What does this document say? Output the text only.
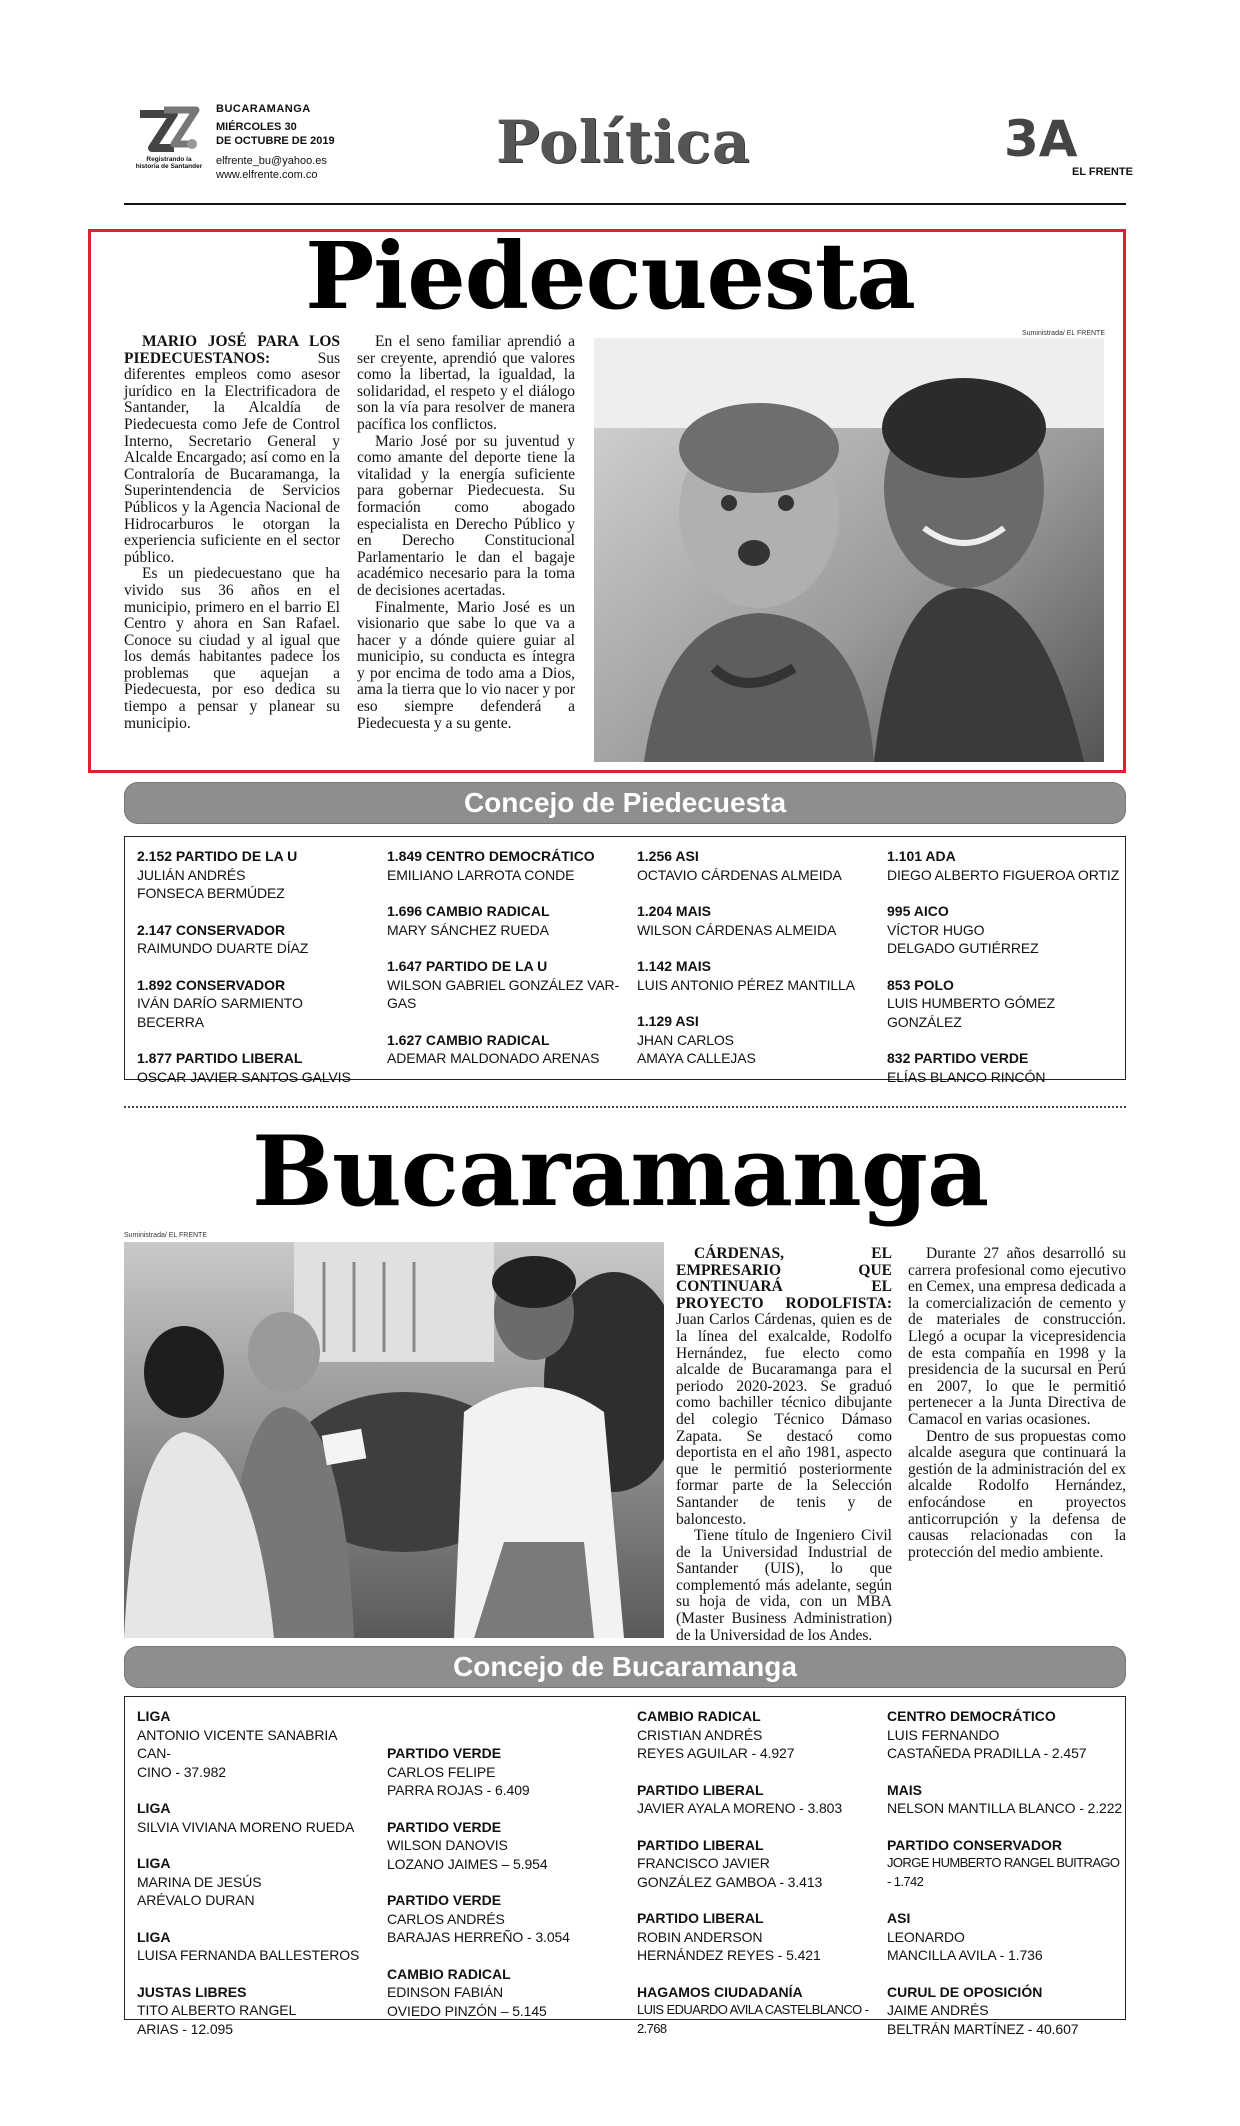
Registrando la historia de Santander
BUCARAMANGA
MIÉRCOLES 30
DE OCTUBRE DE 2019
elfrente_bu@yahoo.es
www.elfrente.com.co	Política	3A
EL FRENTE
Piedecuesta

MARIO JOSÉ PARA LOS PIEDECUESTANOS: Sus diferentes empleos como asesor jurídico en la Electrificadora de Santander, la Alcaldía de Piedecuesta como Jefe de Control Interno, Secretario General y Alcalde Encargado; así como en la Contraloría de Bucaramanga, la Superintendencia de Servicios Públicos y la Agencia Nacional de Hidrocarburos le otorgan la experiencia suficiente en el sector público.

Es un piedecuestano que ha vivido sus 36 años en el municipio, primero en el barrio El Centro y ahora en San Rafael. Conoce su ciudad y al igual que los demás habitantes padece los problemas que aquejan a Piedecuesta, por eso dedica su tiempo a pensar y planear su municipio.

En el seno familiar aprendió a ser creyente, aprendió que valores como la libertad, la igualdad, la solidaridad, el respeto y el diálogo son la vía para resolver de manera pacífica los conflictos.

Mario José por su juventud y como amante del deporte tiene la vitalidad y la energía suficiente para gobernar Piedecuesta. Su formación como abogado especialista en Derecho Público y en Derecho Constitucional Parlamentario le dan el bagaje académico necesario para la toma de decisiones acertadas.

Finalmente, Mario José es un visionario que sabe lo que va a hacer y a dónde quiere guiar al municipio, su conducta es íntegra y por encima de todo ama a Dios, ama la tierra que lo vio nacer y por eso siempre defenderá a Piedecuesta y a su gente.

Suministrada/ EL FRENTE
Concejo de Piedecuesta
2.152 PARTIDO DE LA U
JULIÁN ANDRÉS
FONSECA BERMÚDEZ
2.147 CONSERVADOR
RAIMUNDO DUARTE DÍAZ
1.892 CONSERVADOR
IVÁN DARÍO SARMIENTO BECERRA
1.877 PARTIDO LIBERAL
OSCAR JAVIER SANTOS GALVIS
1.849 CENTRO DEMOCRÁTICO
EMILIANO LARROTA CONDE
1.696 CAMBIO RADICAL
MARY SÁNCHEZ RUEDA
1.647 PARTIDO DE LA U
WILSON GABRIEL GONZÁLEZ VAR-
GAS
1.627 CAMBIO RADICAL
ADEMAR MALDONADO ARENAS
1.256 ASI
OCTAVIO CÁRDENAS ALMEIDA
1.204 MAIS
WILSON CÁRDENAS ALMEIDA
1.142 MAIS
LUIS ANTONIO PÉREZ MANTILLA
1.129 ASI
JHAN CARLOS
AMAYA CALLEJAS
1.101 ADA
DIEGO ALBERTO FIGUEROA ORTIZ
995 AICO
VÍCTOR HUGO
DELGADO GUTIÉRREZ
853 POLO
LUIS HUMBERTO GÓMEZ GONZÁLEZ
832 PARTIDO VERDE
ELÍAS BLANCO RINCÓN
Bucaramanga
Suministrada/ EL FRENTE

CÁRDENAS, EL EMPRESARIO QUE CONTINUARÁ EL PROYECTO RODOLFISTA: Juan Carlos Cárdenas, quien es de la línea del exalcalde, Rodolfo Hernández, fue electo como alcalde de Bucaramanga para el periodo 2020-2023. Se graduó como bachiller técnico dibujante del colegio Técnico Dámaso Zapata. Se destacó como deportista en el año 1981, aspecto que le permitió posteriormente formar parte de la Selección Santander de tenis y de baloncesto.

Tiene título de Ingeniero Civil de la Universidad Industrial de Santander (UIS), lo que complementó más adelante, según su hoja de vida, con un MBA (Master Business Administration) de la Universidad de los Andes.

Durante 27 años desarrolló su carrera profesional como ejecutivo en Cemex, una empresa dedicada a la comercialización de cemento y de materiales de construcción. Llegó a ocupar la vicepresidencia de esta compañía en 1998 y la presidencia de la sucursal en Perú en 2007, lo que le permitió pertenecer a la Junta Directiva de Camacol en varias ocasiones.

Dentro de sus propuestas como alcalde asegura que continuará la gestión de la administración del ex alcalde Rodolfo Hernández, enfocándose en proyectos anticorrupción y la defensa de causas relacionadas con la protección del medio ambiente.

Concejo de Bucaramanga
LIGA
ANTONIO VICENTE SANABRIA CAN-
CINO - 37.982
LIGA
SILVIA VIVIANA MORENO RUEDA
LIGA
MARINA DE JESÚS
ARÉVALO DURAN
LIGA
LUISA FERNANDA BALLESTEROS
JUSTAS LIBRES
TITO ALBERTO RANGEL
ARIAS - 12.095
PARTIDO VERDE
CARLOS FELIPE
PARRA ROJAS - 6.409
PARTIDO VERDE
WILSON DANOVIS
LOZANO JAIMES – 5.954
PARTIDO VERDE
CARLOS ANDRÉS
BARAJAS HERREÑO - 3.054
CAMBIO RADICAL
EDINSON FABIÁN
OVIEDO PINZÓN – 5.145
CAMBIO RADICAL
CRISTIAN ANDRÉS
REYES AGUILAR - 4.927
PARTIDO LIBERAL
JAVIER AYALA MORENO - 3.803
PARTIDO LIBERAL
FRANCISCO JAVIER
GONZÁLEZ GAMBOA - 3.413
PARTIDO LIBERAL
ROBIN ANDERSON
HERNÁNDEZ REYES - 5.421
HAGAMOS CIUDADANÍA
LUIS EDUARDO AVILA CASTELBLANCO - 2.768
CENTRO DEMOCRÁTICO
LUIS FERNANDO
CASTAÑEDA PRADILLA - 2.457
MAIS
NELSON MANTILLA BLANCO - 2.222
PARTIDO CONSERVADOR
JORGE HUMBERTO RANGEL BUITRAGO - 1.742
ASI
LEONARDO
MANCILLA AVILA - 1.736
CURUL DE OPOSICIÓN
JAIME ANDRÉS
BELTRÁN MARTÍNEZ - 40.607
